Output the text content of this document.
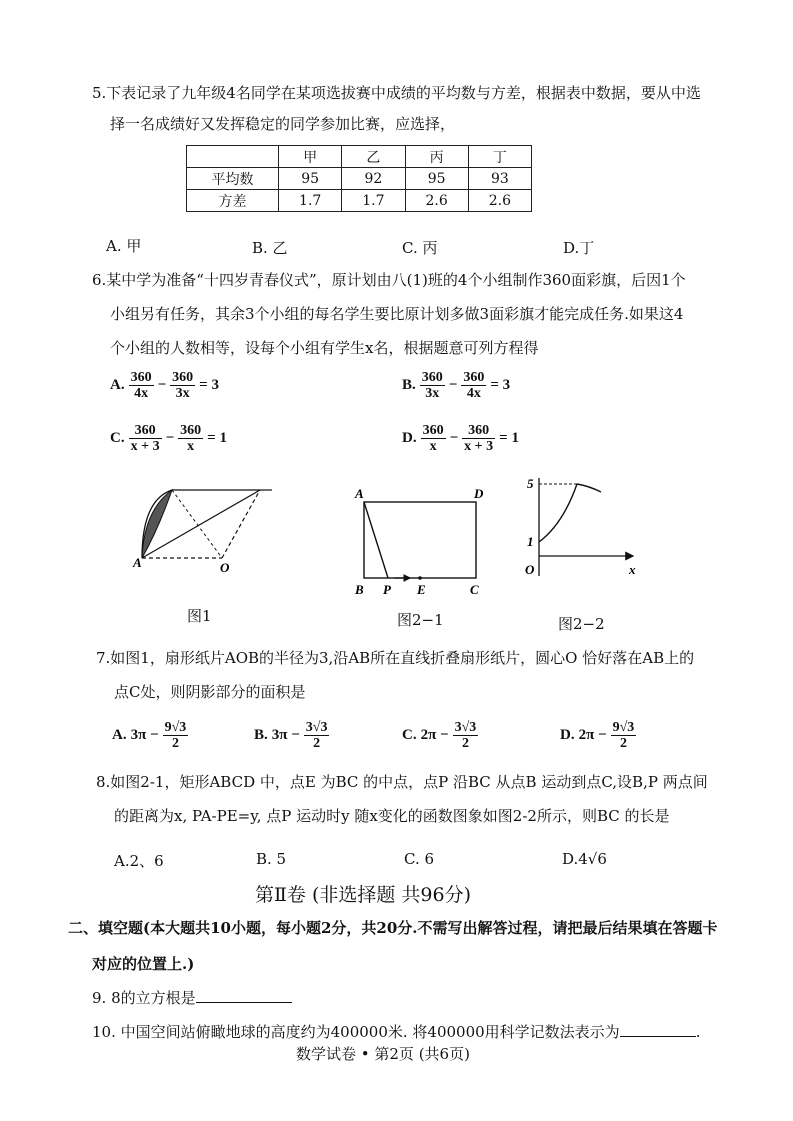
5.下表记录了九年级4名同学在某项选拔赛中成绩的平均数与方差，根据表中数据，要从中选
择一名成绩好又发挥稳定的同学参加比赛，应选择，
	甲	乙	丙	丁
平均数	95	92	95	93
方差	1.7	1.7	2.6	2.6
A. 甲	B. 乙	C. 丙	D.丁
6.某中学为准备“十四岁青春仪式”，原计划由八(1)班的4个小组制作360面彩旗，后因1个
小组另有任务，其余3个小组的每名学生要比原计划多做3面彩旗才能完成任务.如果这4
个小组的人数相等，设每个小组有学生x名，根据题意可列方程得
A. $\frac{360}{4x} - \frac{360}{3x} = 3$	B. $\frac{360}{3x} - \frac{360}{4x} = 3$
C. $\frac{360}{x + 3} - \frac{360}{x} = 1$	D. $\frac{360}{x} - \frac{360}{x + 3} = 1$
A	O
图1
A	D
B P E	C
图2−1
5
1
O	x
图2−2
7.如图1，扇形纸片AOB的半径为3,沿AB所在直线折叠扇形纸片，圆心O 恰好落在AB上的
点C处，则阴影部分的面积是
A. $3\pi - \frac{9√3}{2}$	B. $3\pi - \frac{3√3}{2}$	C. $2\pi - \frac{3√3}{2}$	D. $2\pi - \frac{9√3}{2}$
8.如图2-1，矩形ABCD 中，点E 为BC 的中点，点P 沿BC 从点B 运动到点C,设B,P 两点间
的距离为x, PA-PE=y, 点P 运动时y 随x变化的函数图象如图2-2所示，则BC 的长是
A.2、6	B. 5	C. 6	D.4√6
第Ⅱ卷 (非选择题 共96分)
二、填空题(本大题共10小题，每小题2分，共20分.不需写出解答过程，请把最后结果填在答题卡
对应的位置上.)
9. 8的立方根是
10. 中国空间站俯瞰地球的高度约为400000米. 将400000用科学记数法表示为	.
数学试卷 • 第2页 (共6页)
